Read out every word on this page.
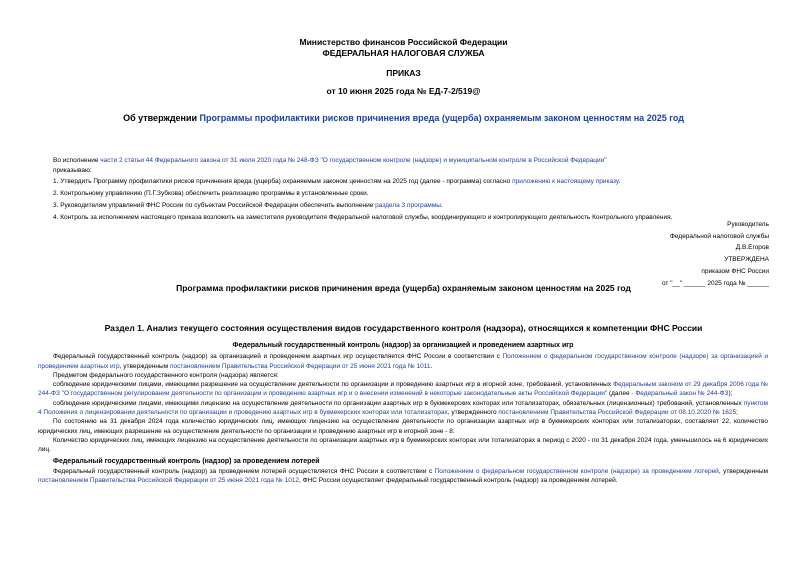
Министерство финансов Российской Федерации
ФЕДЕРАЛЬНАЯ НАЛОГОВАЯ СЛУЖБА
ПРИКАЗ
от 10 июня 2025 года № ЕД-7-2/519@
Об утверждении Программы профилактики рисков причинения вреда (ущерба) охраняемым законом ценностям на 2025 год
Во исполнение части 2 статьи 44 Федерального закона от 31 июля 2020 года № 248-ФЗ "О государственном контроле (надзоре) и муниципальном контроле в Российской Федерации"
приказываю:
1. Утвердить Программу профилактики рисков причинения вреда (ущерба) охраняемым законом ценностям на 2025 год (далее - программа) согласно приложению к настоящему приказу.
2. Контрольному управлению (П.Г.Зубкова) обеспечить реализацию программы в установленные сроки.
3. Руководителям управлений ФНС России по субъектам Российской Федерации обеспечить выполнение раздела 3 программы.
4. Контроль за исполнением настоящего приказа возложить на заместителя руководителя Федеральной налоговой службы, координирующего и контролирующего деятельность Контрольного управления.
Руководитель
Федеральной налоговой службы
Д.В.Егоров
УТВЕРЖДЕНА
приказом ФНС России
от "__" ______ 2025 года № ______
Программа профилактики рисков причинения вреда (ущерба) охраняемым законом ценностям на 2025 год
Раздел 1. Анализ текущего состояния осуществления видов государственного контроля (надзора), относящихся к компетенции ФНС России

Федеральный государственный контроль (надзор) за организацией и проведением азартных игр

Федеральный государственный контроль (надзор) за организацией и проведением азартных игр осуществляется ФНС России в соответствии с Положением о федеральном государственном контроле (надзоре) за организацией и проведением азартных игр, утвержденным постановлением Правительства Российской Федерации от 25 июня 2021 года № 1011.

Предметом федерального государственного контроля (надзора) является:

соблюдение юридическими лицами, имеющими разрешение на осуществление деятельности по организации и проведению азартных игр в игорной зоне, требований, установленных Федеральным законом от 29 декабря 2006 года № 244-ФЗ "О государственном регулировании деятельности по организации и проведению азартных игр и о внесении изменений в некоторые законодательные акты Российской Федерации" (далее - Федеральный закон № 244-ФЗ);

соблюдение юридическими лицами, имеющими лицензию на осуществление деятельности по организации азартных игр в букмекерских конторах или тотализаторах, обязательных (лицензионных) требований, установленных пунктом 4 Положения о лицензировании деятельности по организации и проведению азартных игр в букмекерских конторах или тотализаторах, утвержденного постановлением Правительства Российской Федерации от 08.10.2020 № 1625;

По состоянию на 31 декабря 2024 года количество юридических лиц, имеющих лицензию на осуществление деятельности по организации азартных игр в букмекерских конторах или тотализаторах, составляет 22, количество юридических лиц, имеющих разрешение на осуществление деятельности по организации и проведению азартных игр в игорной зоне - 8.

Количество юридических лиц, имеющих лицензию на осуществление деятельности по организации азартных игр в букмекерских конторах или тотализаторах в период с 2020 - по 31 декабря 2024 года, уменьшилось на 6 юридических лиц.

Федеральный государственный контроль (надзор) за проведением лотерей

Федеральный государственный контроль (надзор) за проведением лотерей осуществляется ФНС России в соответствии с Положением о федеральном государственном контроле (надзоре) за проведением лотерей, утвержденным постановлением Правительства Российской Федерации от 25 июня 2021 года № 1012, ФНС России осуществляет федеральный государственный контроль (надзор) за проведением лотерей.
